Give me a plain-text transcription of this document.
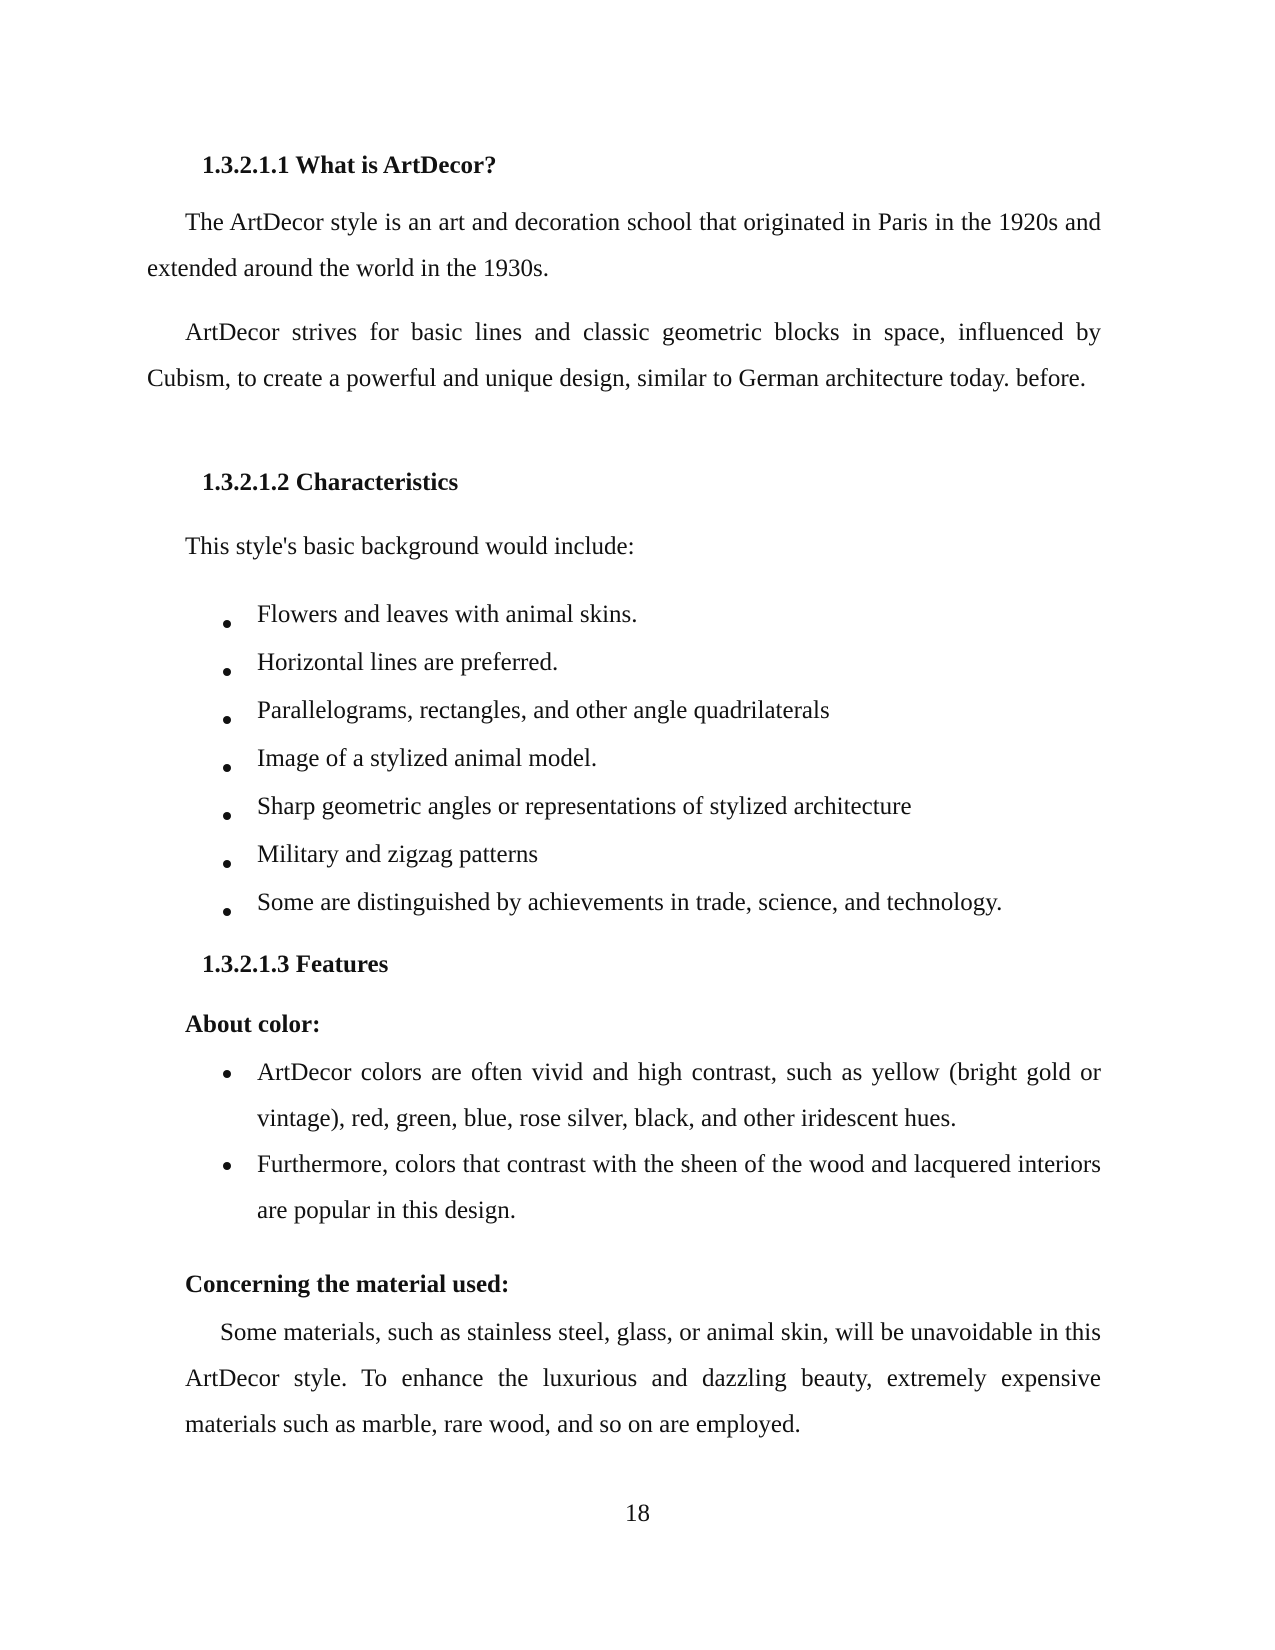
1.3.2.1.1 What is ArtDecor?

The ArtDecor style is an art and decoration school that originated in Paris in the 1920s and extended around the world in the 1930s.

ArtDecor strives for basic lines and classic geometric blocks in space, influenced by Cubism, to create a powerful and unique design, similar to German architecture today. before.

1.3.2.1.2 Characteristics

This style's basic background would include:

Flowers and leaves with animal skins.
Horizontal lines are preferred.
Parallelograms, rectangles, and other angle quadrilaterals
Image of a stylized animal model.
Sharp geometric angles or representations of stylized architecture
Military and zigzag patterns
Some are distinguished by achievements in trade, science, and technology.
1.3.2.1.3 Features
About color:
ArtDecor colors are often vivid and high contrast, such as yellow (bright gold or vintage), red, green, blue, rose silver, black, and other iridescent hues.
Furthermore, colors that contrast with the sheen of the wood and lacquered interiors are popular in this design.
Concerning the material used:

Some materials, such as stainless steel, glass, or animal skin, will be unavoidable in this ArtDecor style. To enhance the luxurious and dazzling beauty, extremely expensive materials such as marble, rare wood, and so on are employed.

18
